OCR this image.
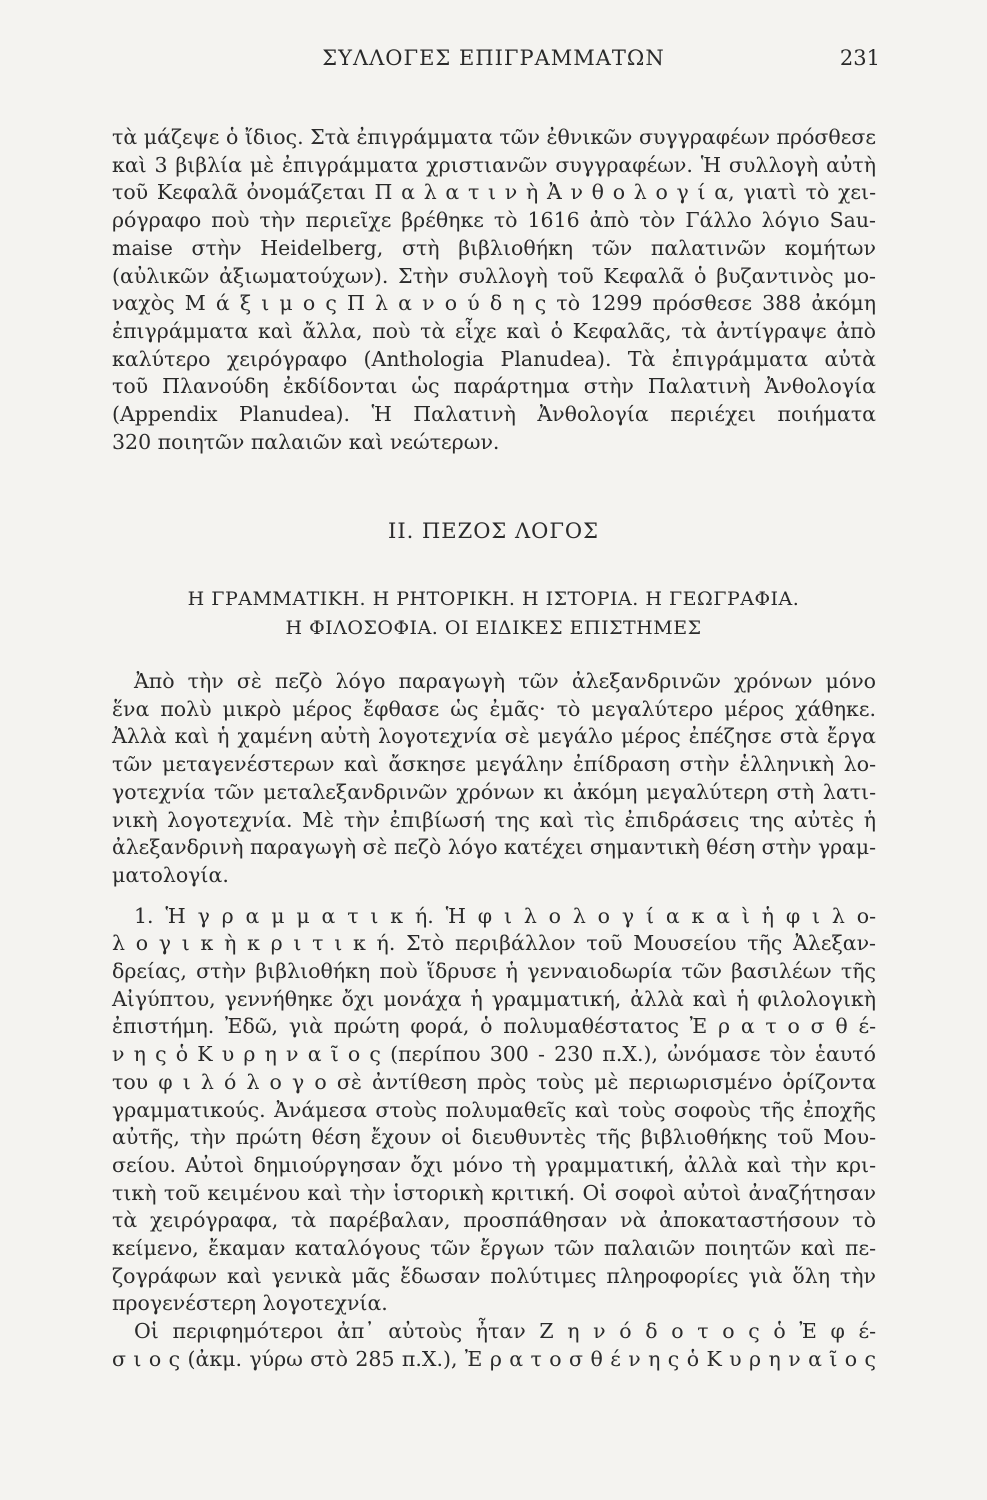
ΣΥΛΛΟΓΕΣ ΕΠΙΓΡΑΜΜΑΤΩΝ	231
τὰ μάζεψε ὁ ἴδιος. Στὰ ἐπιγράμματα τῶν ἐθνικῶν συγγραφέων πρόσθεσε
καὶ 3 βιβλία μὲ ἐπιγράμματα χριστιανῶν συγγραφέων. Ἡ συλλογὴ αὐτὴ
τοῦ Κεφαλᾶ ὀνομάζεται Π α λ α τ ι ν ὴ Ἀ ν θ ο λ ο γ ί α, γιατὶ τὸ χει-
ρόγραφο ποὺ τὴν περιεῖχε βρέθηκε τὸ 1616 ἀπὸ τὸν Γάλλο λόγιο Sau-
maise στὴν Heidelberg, στὴ βιβλιοθήκη τῶν παλατινῶν κομήτων
(αὐλικῶν ἀξιωματούχων). Στὴν συλλογὴ τοῦ Κεφαλᾶ ὁ βυζαντινὸς μο-
ναχὸς Μ ά ξ ι μ ο ς Π λ α ν ο ύ δ η ς τὸ 1299 πρόσθεσε 388 ἀκόμη
ἐπιγράμματα καὶ ἄλλα, ποὺ τὰ εἶχε καὶ ὁ Κεφαλᾶς, τὰ ἀντίγραψε ἀπὸ
καλύτερο χειρόγραφο (Anthologia Planudea). Τὰ ἐπιγράμματα αὐτὰ
τοῦ Πλανούδη ἐκδίδονται ὡς παράρτημα στὴν Παλατινὴ Ἀνθολογία
(Appendix Planudea). Ἡ Παλατινὴ Ἀνθολογία περιέχει ποιήματα
320 ποιητῶν παλαιῶν καὶ νεώτερων.
II. ΠΕΖΟΣ ΛΟΓΟΣ
Η ΓΡΑΜΜΑΤΙΚΗ. Η ΡΗΤΟΡΙΚΗ. Η ΙΣΤΟΡΙΑ. Η ΓΕΩΓΡΑΦΙΑ.
Η ΦΙΛΟΣΟΦΙΑ. ΟΙ ΕΙΔΙΚΕΣ ΕΠΙΣΤΗΜΕΣ
Ἀπὸ τὴν σὲ πεζὸ λόγο παραγωγὴ τῶν ἀλεξανδρινῶν χρόνων μόνο
ἕνα πολὺ μικρὸ μέρος ἔφθασε ὡς ἐμᾶς· τὸ μεγαλύτερο μέρος χάθηκε.
Ἀλλὰ καὶ ἡ χαμένη αὐτὴ λογοτεχνία σὲ μεγάλο μέρος ἐπέζησε στὰ ἔργα
τῶν μεταγενέστερων καὶ ἄσκησε μεγάλην ἐπίδραση στὴν ἑλληνικὴ λο-
γοτεχνία τῶν μεταλεξανδρινῶν χρόνων κι ἀκόμη μεγαλύτερη στὴ λατι-
νικὴ λογοτεχνία. Μὲ τὴν ἐπιβίωσή της καὶ τὶς ἐπιδράσεις της αὐτὲς ἡ
ἀλεξανδρινὴ παραγωγὴ σὲ πεζὸ λόγο κατέχει σημαντικὴ θέση στὴν γραμ-
ματολογία.
1. Ἡ γ ρ α μ μ α τ ι κ ή. Ἡ φ ι λ ο λ ο γ ί α κ α ὶ ἡ φ ι λ ο-
λ ο γ ι κ ὴ κ ρ ι τ ι κ ή. Στὸ περιβάλλον τοῦ Μουσείου τῆς Ἀλεξαν-
δρείας, στὴν βιβλιοθήκη ποὺ ἵδρυσε ἡ γενναιοδωρία τῶν βασιλέων τῆς
Αἰγύπτου, γεννήθηκε ὄχι μονάχα ἡ γραμματική, ἀλλὰ καὶ ἡ φιλολογικὴ
ἐπιστήμη. Ἐδῶ, γιὰ πρώτη φορά, ὁ πολυμαθέστατος Ἐ ρ α τ ο σ θ έ-
ν η ς ὁ Κ υ ρ η ν α ῖ ο ς (περίπου 300 - 230 π.Χ.), ὠνόμασε τὸν ἑαυτό
του φ ι λ ό λ ο γ ο σὲ ἀντίθεση πρὸς τοὺς μὲ περιωρισμένο ὁρίζοντα
γραμματικούς. Ἀνάμεσα στοὺς πολυμαθεῖς καὶ τοὺς σοφοὺς τῆς ἐποχῆς
αὐτῆς, τὴν πρώτη θέση ἔχουν οἱ διευθυντὲς τῆς βιβλιοθήκης τοῦ Μου-
σείου. Αὐτοὶ δημιούργησαν ὄχι μόνο τὴ γραμματική, ἀλλὰ καὶ τὴν κρι-
τικὴ τοῦ κειμένου καὶ τὴν ἱστορικὴ κριτική. Οἱ σοφοὶ αὐτοὶ ἀναζήτησαν
τὰ χειρόγραφα, τὰ παρέβαλαν, προσπάθησαν νὰ ἀποκαταστήσουν τὸ
κείμενο, ἔκαμαν καταλόγους τῶν ἔργων τῶν παλαιῶν ποιητῶν καὶ πε-
ζογράφων καὶ γενικὰ μᾶς ἔδωσαν πολύτιμες πληροφορίες γιὰ ὅλη τὴν
προγενέστερη λογοτεχνία.
Οἱ περιφημότεροι ἀπ᾽ αὐτοὺς ἦταν Ζ η ν ό δ ο τ ο ς ὁ Ἐ φ έ-
σ ι ο ς (ἀκμ. γύρω στὸ 285 π.Χ.), Ἐ ρ α τ ο σ θ έ ν η ς ὁ Κ υ ρ η ν α ῖ ο ς
